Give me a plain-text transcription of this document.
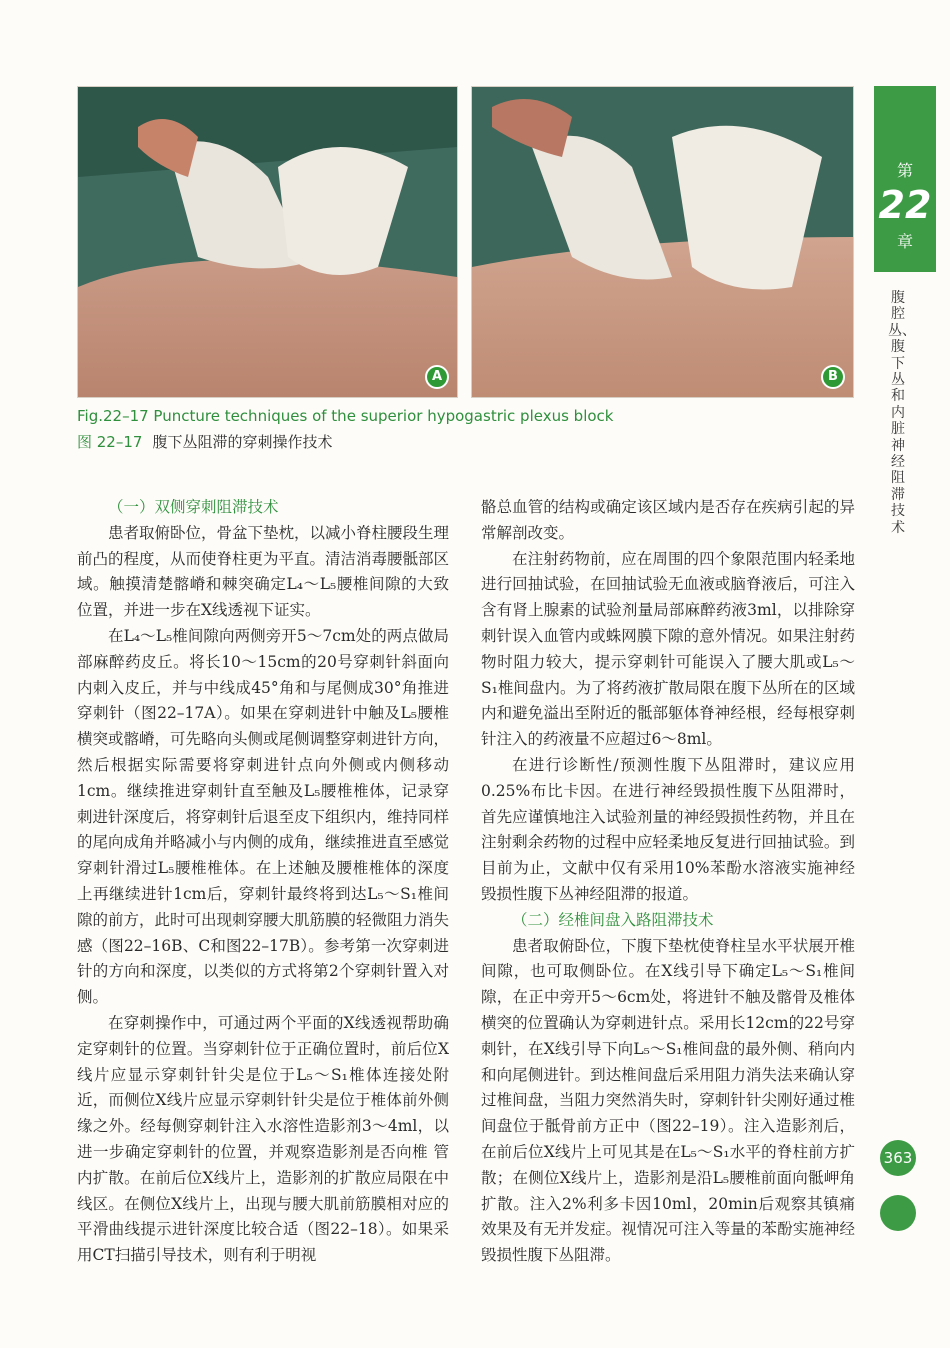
A	B
Fig.22–17 Puncture techniques of the superior hypogastric plexus block
图 22–17 腹下丛阻滞的穿刺操作技术
第
22
章
腹腔丛、腹下丛和内脏神经阻滞技术
363
（一）双侧穿刺阻滞技术

患者取俯卧位，骨盆下垫枕，以减小脊柱腰段生理前凸的程度，从而使脊柱更为平直。清洁消毒腰骶部区域。触摸清楚髂嵴和棘突确定L₄～L₅腰椎间隙的大致位置，并进一步在X线透视下证实。

在L₄～L₅椎间隙向两侧旁开5～7cm处的两点做局部麻醉药皮丘。将长10～15cm的20号穿刺针斜面向内刺入皮丘，并与中线成45°角和与尾侧成30°角推进穿刺针（图22–17A）。如果在穿刺进针中触及L₅腰椎横突或髂嵴，可先略向头侧或尾侧调整穿刺进针方向，然后根据实际需要将穿刺进针点向外侧或内侧移动1cm。继续推进穿刺针直至触及L₅腰椎椎体，记录穿刺进针深度后，将穿刺针后退至皮下组织内，维持同样的尾向成角并略减小与内侧的成角，继续推进直至感觉穿刺针滑过L₅腰椎椎体。在上述触及腰椎椎体的深度上再继续进针1cm后，穿刺针最终将到达L₅～S₁椎间隙的前方，此时可出现刺穿腰大肌筋膜的轻微阻力消失感（图22–16B、C和图22–17B）。参考第一次穿刺进针的方向和深度，以类似的方式将第2个穿刺针置入对侧。

在穿刺操作中，可通过两个平面的X线透视帮助确定穿刺针的位置。当穿刺针位于正确位置时，前后位X线片应显示穿刺针针尖是位于L₅～S₁椎体连接处附近，而侧位X线片应显示穿刺针针尖是位于椎体前外侧缘之外。经每侧穿刺针注入水溶性造影剂3～4ml，以进一步确定穿刺针的位置，并观察造影剂是否向椎 管内扩散。在前后位X线片上，造影剂的扩散应局限在中线区。在侧位X线片上，出现与腰大肌前筋膜相对应的平滑曲线提示进针深度比较合适（图22–18）。如果采用CT扫描引导技术，则有利于明视

骼总血管的结构或确定该区域内是否存在疾病引起的异常解剖改变。

在注射药物前，应在周围的四个象限范围内轻柔地进行回抽试验，在回抽试验无血液或脑脊液后，可注入含有肾上腺素的试验剂量局部麻醉药液3ml，以排除穿刺针误入血管内或蛛网膜下隙的意外情况。如果注射药物时阻力较大，提示穿刺针可能误入了腰大肌或L₅～S₁椎间盘内。为了将药液扩散局限在腹下丛所在的区域内和避免溢出至附近的骶部躯体脊神经根，经每根穿刺针注入的药液量不应超过6～8ml。

在进行诊断性/预测性腹下丛阻滞时，建议应用0.25%布比卡因。在进行神经毁损性腹下丛阻滞时，首先应谨慎地注入试验剂量的神经毁损性药物，并且在注射剩余药物的过程中应轻柔地反复进行回抽试验。到目前为止，文献中仅有采用10%苯酚水溶液实施神经毁损性腹下丛神经阻滞的报道。

（二）经椎间盘入路阻滞技术

患者取俯卧位，下腹下垫枕使脊柱呈水平状展开椎间隙，也可取侧卧位。在X线引导下确定L₅～S₁椎间隙，在正中旁开5～6cm处，将进针不触及髂骨及椎体横突的位置确认为穿刺进针点。采用长12cm的22号穿刺针，在X线引导下向L₅～S₁椎间盘的最外侧、稍向内和向尾侧进针。到达椎间盘后采用阻力消失法来确认穿过椎间盘，当阻力突然消失时，穿刺针针尖刚好通过椎间盘位于骶骨前方正中（图22–19）。注入造影剂后，在前后位X线片上可见其是在L₅～S₁水平的脊柱前方扩散；在侧位X线片上，造影剂是沿L₅腰椎前面向骶岬角扩散。注入2%利多卡因10ml，20min后观察其镇痛效果及有无并发症。视情况可注入等量的苯酚实施神经毁损性腹下丛阻滞。
